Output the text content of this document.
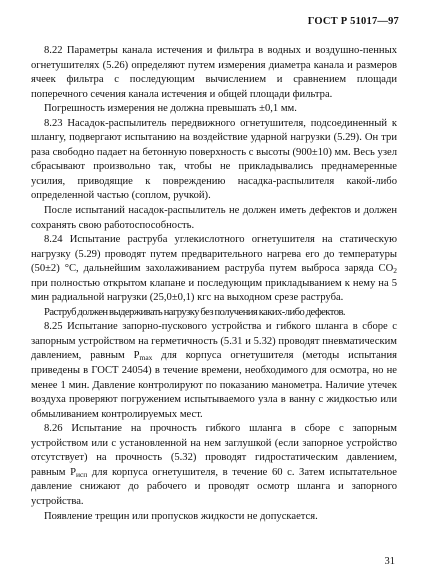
ГОСТ Р 51017—97

8.22 Параметры канала истечения и фильтра в водных и воздушно-пенных огнетушителях (5.26) определяют путем измерения диаметра канала и размеров ячеек фильтра с последующим вычислением и сравнением площади поперечного сечения канала истечения и общей площади фильтра.

Погрешность измерения не должна превышать ±0,1 мм.

8.23 Насадок-распылитель передвижного огнетушителя, подсоединенный к шлангу, подвергают испытанию на воздействие ударной нагрузки (5.29). Он три раза свободно падает на бетонную поверхность с высоты (900±10) мм. Весь узел сбрасывают произвольно так, чтобы не прикладывались преднамеренные усилия, приводящие к повреждению насадка-распылителя какой-либо определенной частью (соплом, ручкой).

После испытаний насадок-распылитель не должен иметь дефектов и должен сохранять свою работоспособность.

8.24 Испытание раструба углекислотного огнетушителя на статическую нагрузку (5.29) проводят путем предварительного нагрева его до температуры (50±2) °С, дальнейшим захолаживанием раструба путем выброса заряда $СО_2$ при полностью открытом клапане и последующим прикладыванием к нему на 5 мин радиальной нагрузки (25,0±0,1) кгс на выходном срезе раструба.

Раструб должен выдерживать нагрузку без получения каких-либо дефектов.

8.25 Испытание запорно-пускового устройства и гибкого шланга в сборе с запорным устройством на герметичность (5.31 и 5.32) проводят пневматическим давлением, равным $P_{max}$ для корпуса огнетушителя (методы испытания приведены в ГОСТ 24054) в течение времени, необходимого для осмотра, но не менее 1 мин. Давление контролируют по показанию манометра. Наличие утечек воздуха проверяют погружением испытываемого узла в ванну с жидкостью или обмыливанием контролируемых мест.

8.26 Испытание на прочность гибкого шланга в сборе с запорным устройством или с установленной на нем заглушкой (если запорное устройство отсутствует) на прочность (5.32) проводят гидростатическим давлением, равным $P_{исп}$ для корпуса огнетушителя, в течение 60 с. Затем испытательное давление снижают до рабочего и проводят осмотр шланга и запорного устройства.

Появление трещин или пропусков жидкости не допускается.

31
